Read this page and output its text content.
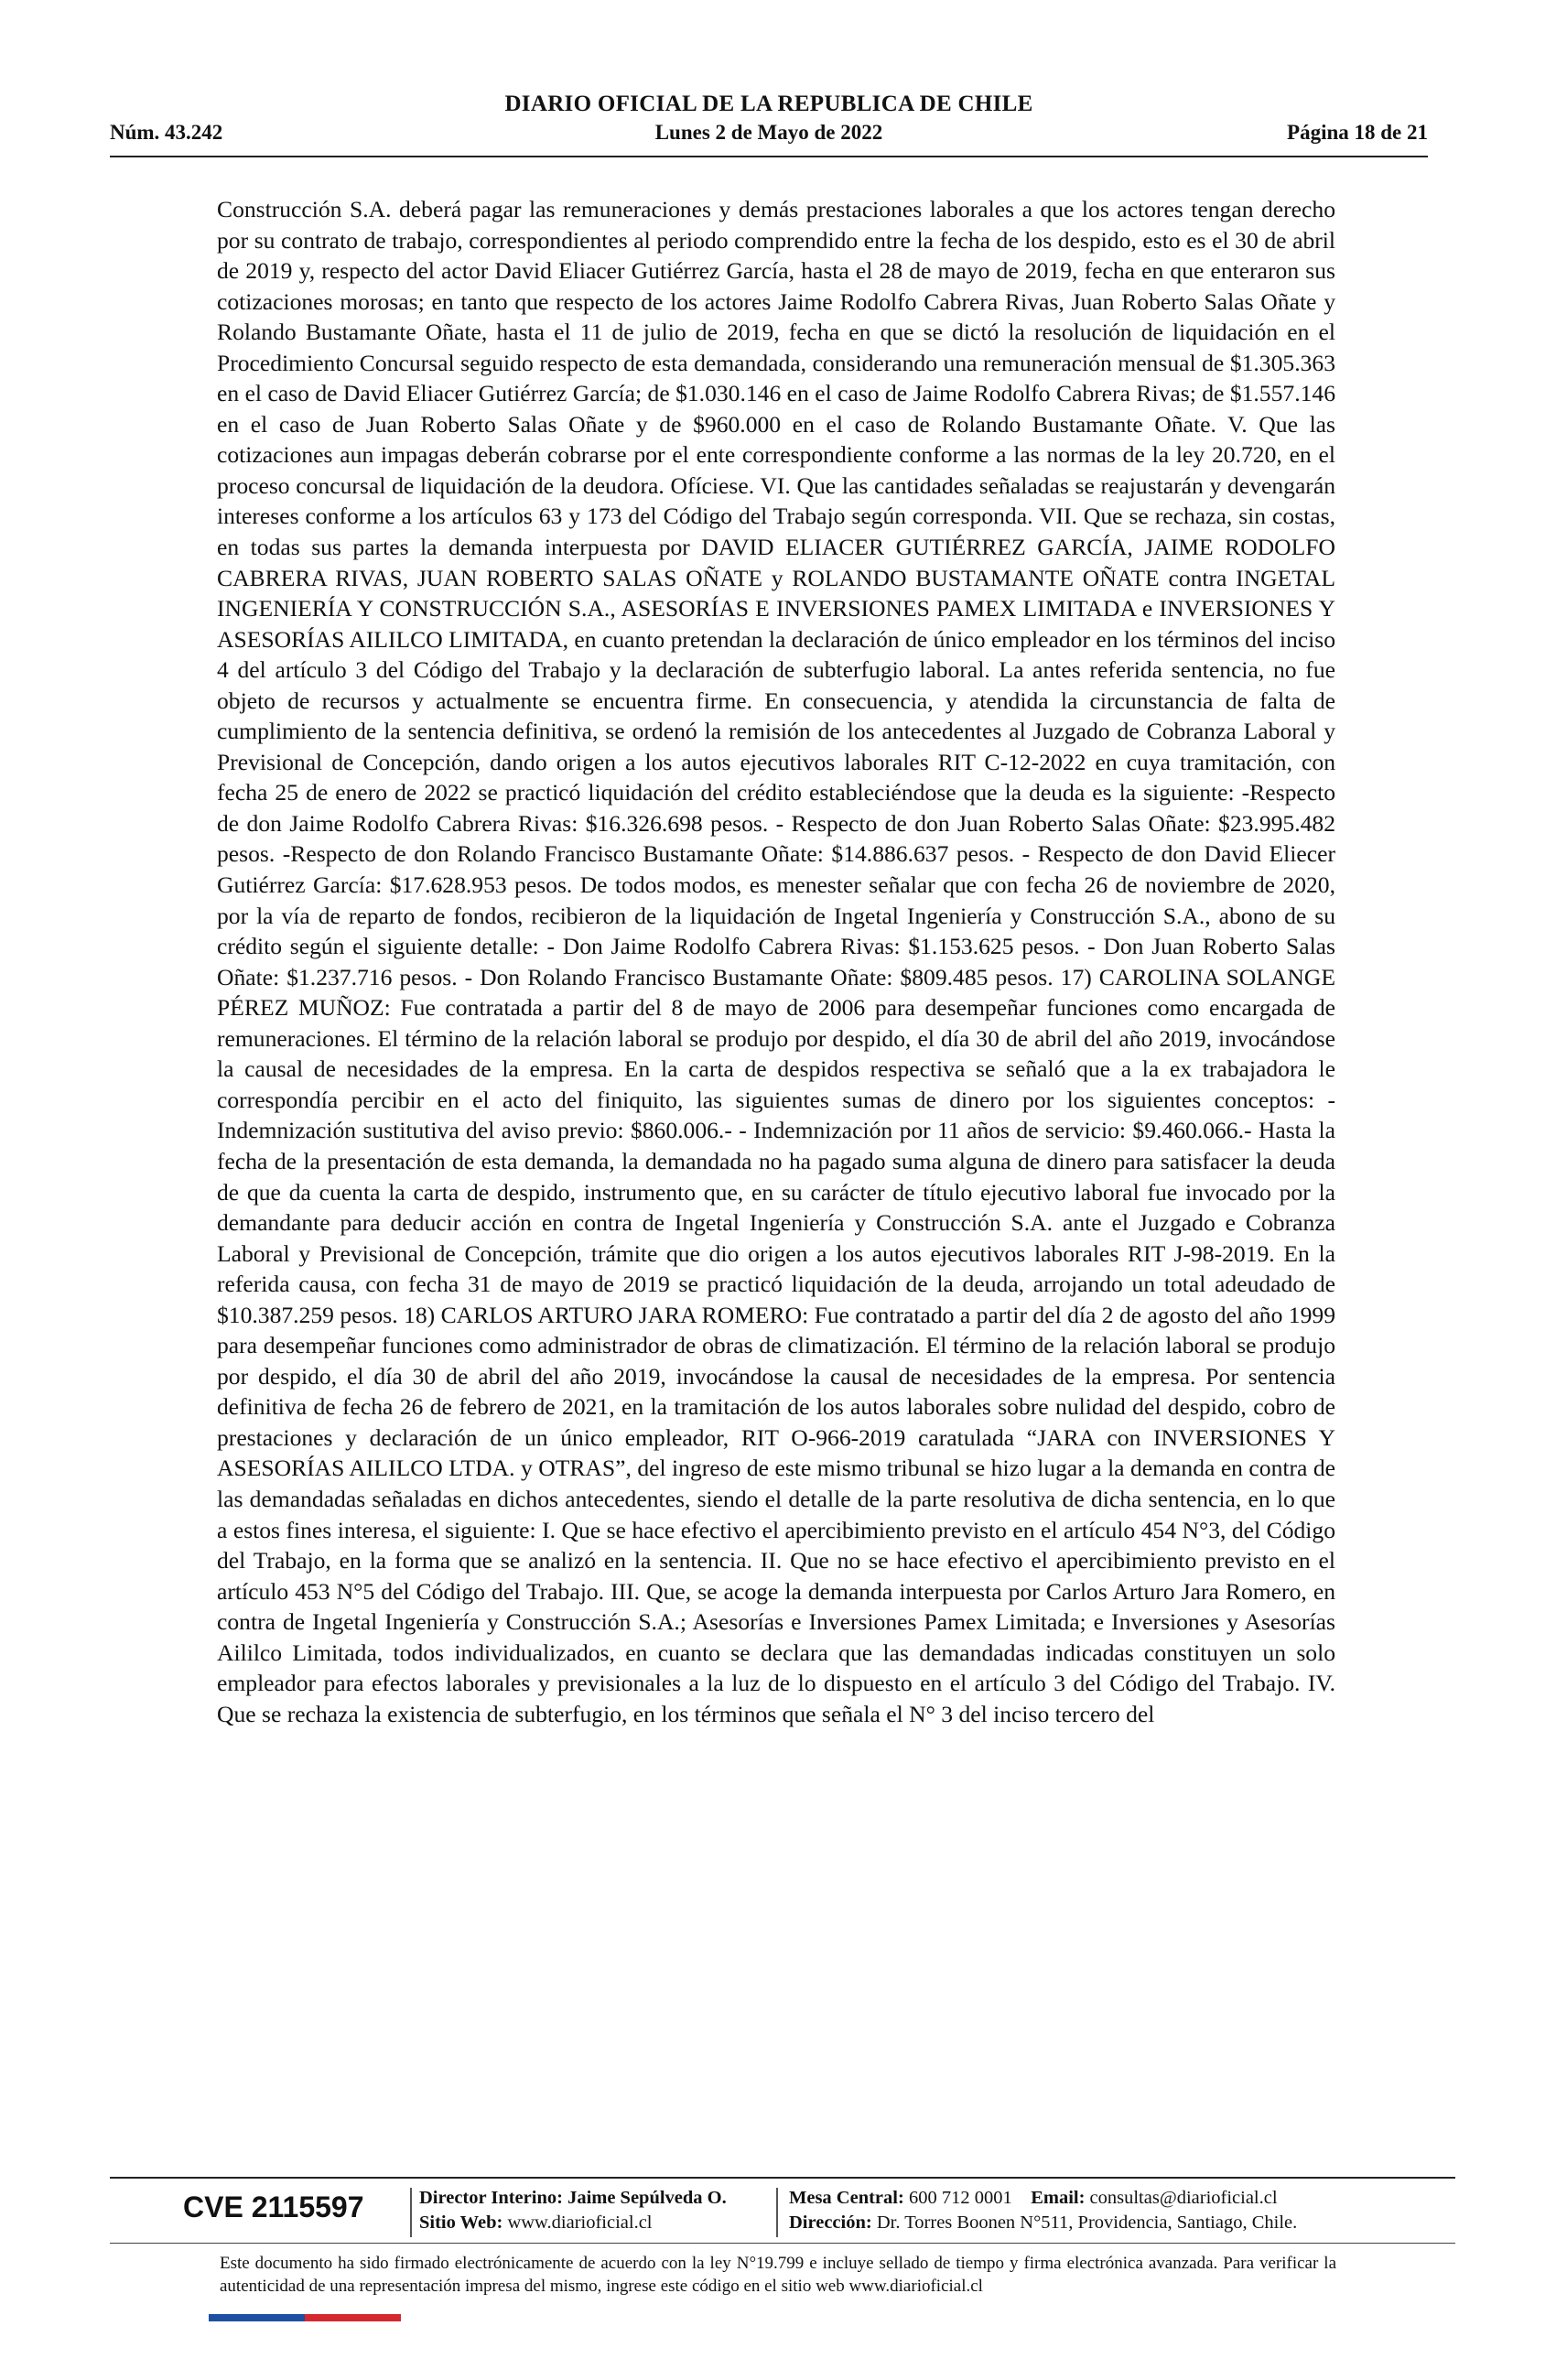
DIARIO OFICIAL DE LA REPUBLICA DE CHILE
Núm. 43.242	Lunes 2 de Mayo de 2022	Página 18 de 21

Construcción S.A. deberá pagar las remuneraciones y demás prestaciones laborales a que los actores tengan derecho por su contrato de trabajo, correspondientes al periodo comprendido entre la fecha de los despido, esto es el 30 de abril de 2019 y, respecto del actor David Eliacer Gutiérrez García, hasta el 28 de mayo de 2019, fecha en que enteraron sus cotizaciones morosas; en tanto que respecto de los actores Jaime Rodolfo Cabrera Rivas, Juan Roberto Salas Oñate y Rolando Bustamante Oñate, hasta el 11 de julio de 2019, fecha en que se dictó la resolución de liquidación en el Procedimiento Concursal seguido respecto de esta demandada, considerando una remuneración mensual de $1.305.363 en el caso de David Eliacer Gutiérrez García; de $1.030.146 en el caso de Jaime Rodolfo Cabrera Rivas; de $1.557.146 en el caso de Juan Roberto Salas Oñate y de $960.000 en el caso de Rolando Bustamante Oñate. V. Que las cotizaciones aun impagas deberán cobrarse por el ente correspondiente conforme a las normas de la ley 20.720, en el proceso concursal de liquidación de la deudora. Ofíciese. VI. Que las cantidades señaladas se reajustarán y devengarán intereses conforme a los artículos 63 y 173 del Código del Trabajo según corresponda. VII. Que se rechaza, sin costas, en todas sus partes la demanda interpuesta por DAVID ELIACER GUTIÉRREZ GARCÍA, JAIME RODOLFO CABRERA RIVAS, JUAN ROBERTO SALAS OÑATE y ROLANDO BUSTAMANTE OÑATE contra INGETAL INGENIERÍA Y CONSTRUCCIÓN S.A., ASESORÍAS E INVERSIONES PAMEX LIMITADA e INVERSIONES Y ASESORÍAS AILILCO LIMITADA, en cuanto pretendan la declaración de único empleador en los términos del inciso 4 del artículo 3 del Código del Trabajo y la declaración de subterfugio laboral. La antes referida sentencia, no fue objeto de recursos y actualmente se encuentra firme. En consecuencia, y atendida la circunstancia de falta de cumplimiento de la sentencia definitiva, se ordenó la remisión de los antecedentes al Juzgado de Cobranza Laboral y Previsional de Concepción, dando origen a los autos ejecutivos laborales RIT C-12-2022 en cuya tramitación, con fecha 25 de enero de 2022 se practicó liquidación del crédito estableciéndose que la deuda es la siguiente: -Respecto de don Jaime Rodolfo Cabrera Rivas: $16.326.698 pesos. - Respecto de don Juan Roberto Salas Oñate: $23.995.482 pesos. -Respecto de don Rolando Francisco Bustamante Oñate: $14.886.637 pesos. - Respecto de don David Eliecer Gutiérrez García: $17.628.953 pesos. De todos modos, es menester señalar que con fecha 26 de noviembre de 2020, por la vía de reparto de fondos, recibieron de la liquidación de Ingetal Ingeniería y Construcción S.A., abono de su crédito según el siguiente detalle: - Don Jaime Rodolfo Cabrera Rivas: $1.153.625 pesos. - Don Juan Roberto Salas Oñate: $1.237.716 pesos. - Don Rolando Francisco Bustamante Oñate: $809.485 pesos. 17) CAROLINA SOLANGE PÉREZ MUÑOZ: Fue contratada a partir del 8 de mayo de 2006 para desempeñar funciones como encargada de remuneraciones. El término de la relación laboral se produjo por despido, el día 30 de abril del año 2019, invocándose la causal de necesidades de la empresa. En la carta de despidos respectiva se señaló que a la ex trabajadora le correspondía percibir en el acto del finiquito, las siguientes sumas de dinero por los siguientes conceptos: -Indemnización sustitutiva del aviso previo: $860.006.- - Indemnización por 11 años de servicio: $9.460.066.- Hasta la fecha de la presentación de esta demanda, la demandada no ha pagado suma alguna de dinero para satisfacer la deuda de que da cuenta la carta de despido, instrumento que, en su carácter de título ejecutivo laboral fue invocado por la demandante para deducir acción en contra de Ingetal Ingeniería y Construcción S.A. ante el Juzgado e Cobranza Laboral y Previsional de Concepción, trámite que dio origen a los autos ejecutivos laborales RIT J-98-2019. En la referida causa, con fecha 31 de mayo de 2019 se practicó liquidación de la deuda, arrojando un total adeudado de $10.387.259 pesos. 18) CARLOS ARTURO JARA ROMERO: Fue contratado a partir del día 2 de agosto del año 1999 para desempeñar funciones como administrador de obras de climatización. El término de la relación laboral se produjo por despido, el día 30 de abril del año 2019, invocándose la causal de necesidades de la empresa. Por sentencia definitiva de fecha 26 de febrero de 2021, en la tramitación de los autos laborales sobre nulidad del despido, cobro de prestaciones y declaración de un único empleador, RIT O-966-2019 caratulada “JARA con INVERSIONES Y ASESORÍAS AILILCO LTDA. y OTRAS”, del ingreso de este mismo tribunal se hizo lugar a la demanda en contra de las demandadas señaladas en dichos antecedentes, siendo el detalle de la parte resolutiva de dicha sentencia, en lo que a estos fines interesa, el siguiente: I. Que se hace efectivo el apercibimiento previsto en el artículo 454 N°3, del Código del Trabajo, en la forma que se analizó en la sentencia. II. Que no se hace efectivo el apercibimiento previsto en el artículo 453 N°5 del Código del Trabajo. III. Que, se acoge la demanda interpuesta por Carlos Arturo Jara Romero, en contra de Ingetal Ingeniería y Construcción S.A.; Asesorías e Inversiones Pamex Limitada; e Inversiones y Asesorías Aililco Limitada, todos individualizados, en cuanto se declara que las demandadas indicadas constituyen un solo empleador para efectos laborales y previsionales a la luz de lo dispuesto en el artículo 3 del Código del Trabajo. IV. Que se rechaza la existencia de subterfugio, en los términos que señala el N° 3 del inciso tercero del

CVE 2115597	Director Interino: Jaime Sepúlveda O.
Sitio Web: www.diarioficial.cl
Mesa Central: 600 712 0001 Email: consultas@diarioficial.cl
Dirección: Dr. Torres Boonen N°511, Providencia, Santiago, Chile.
Este documento ha sido firmado electrónicamente de acuerdo con la ley N°19.799 e incluye sellado de tiempo y firma electrónica avanzada. Para verificar la autenticidad de una representación impresa del mismo, ingrese este código en el sitio web www.diarioficial.cl
